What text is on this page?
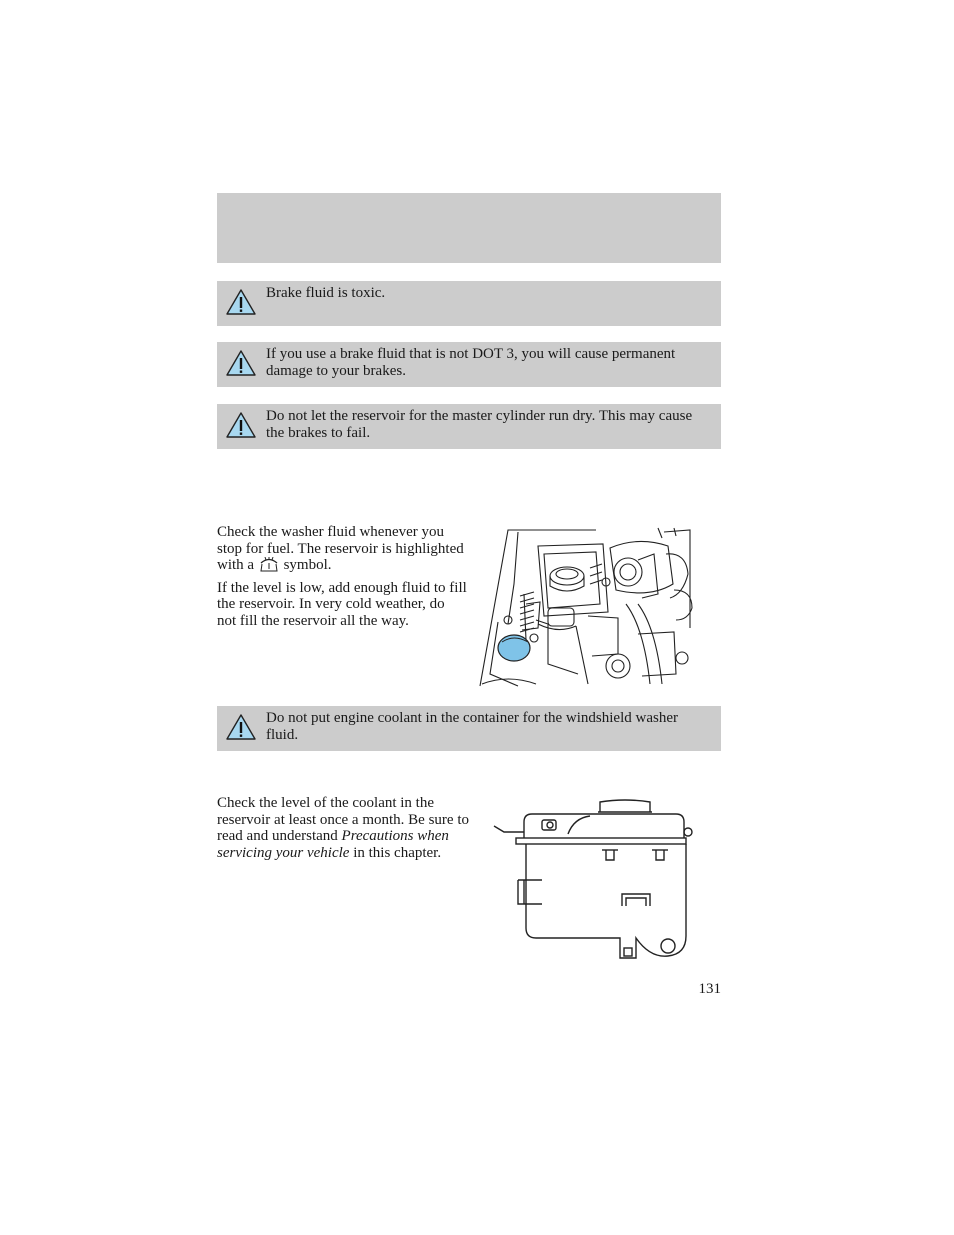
Brake fluid is toxic.
If you use a brake fluid that is not DOT 3, you will cause permanent damage to your brakes.
Do not let the reservoir for the master cylinder run dry. This may cause the brakes to fail.

Check the washer fluid whenever you stop for fuel. The reservoir is highlighted with a symbol.

If the level is low, add enough fluid to fill the reservoir. In very cold weather, do not fill the reservoir all the way.

Do not put engine coolant in the container for the windshield washer fluid.

Check the level of the coolant in the reservoir at least once a month. Be sure to read and understand Precautions when servicing your vehicle in this chapter.

131
